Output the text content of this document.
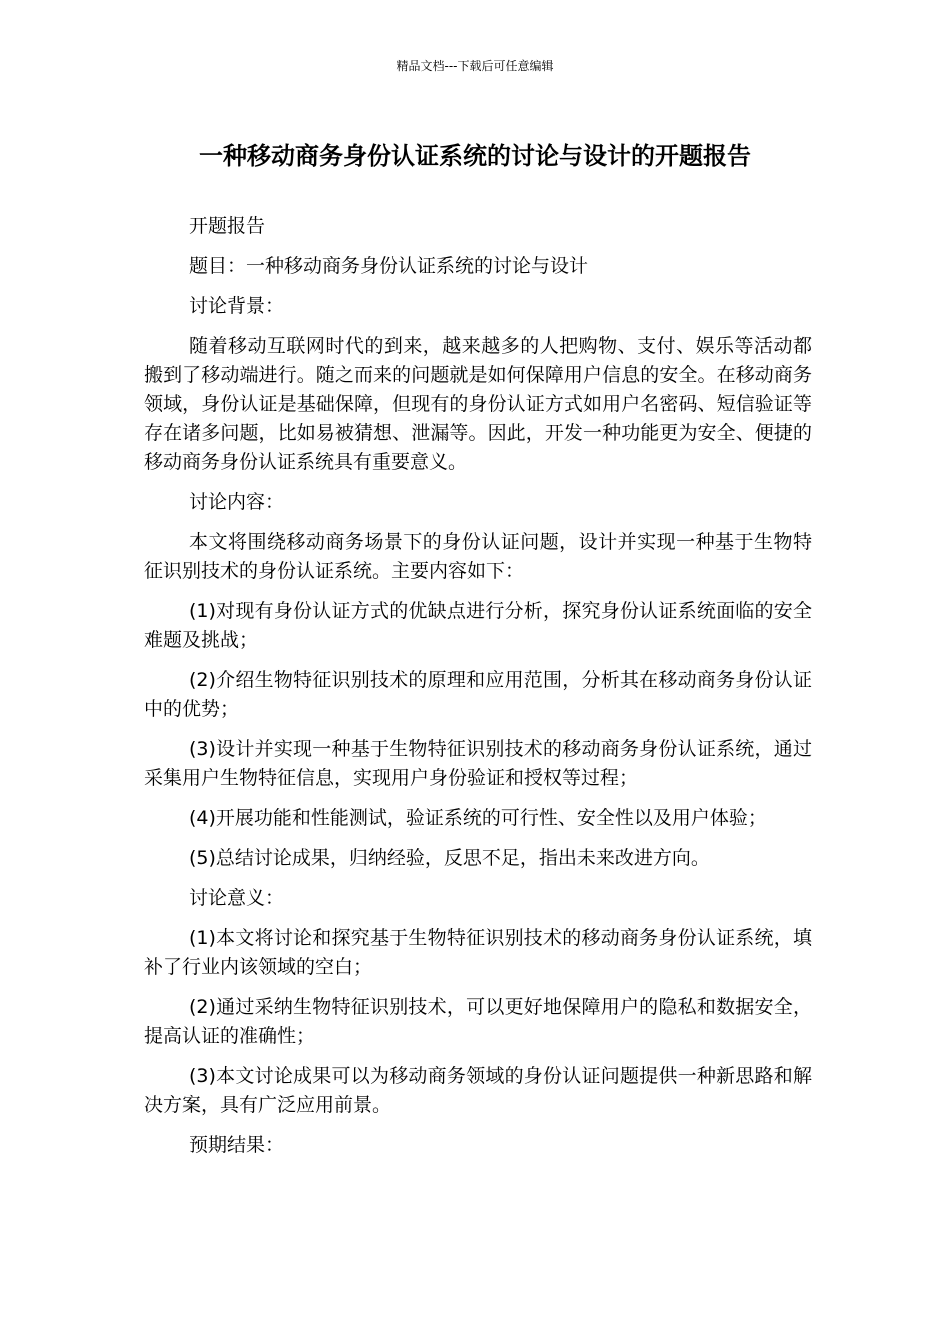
精品文档---下载后可任意编辑
一种移动商务身份认证系统的讨论与设计的开题报告

开题报告

题目：一种移动商务身份认证系统的讨论与设计

讨论背景：

随着移动互联网时代的到来，越来越多的人把购物、支付、娱乐等活动都搬到了移动端进行。随之而来的问题就是如何保障用户信息的安全。在移动商务领域，身份认证是基础保障，但现有的身份认证方式如用户名密码、短信验证等存在诸多问题，比如易被猜想、泄漏等。因此，开发一种功能更为安全、便捷的移动商务身份认证系统具有重要意义。

讨论内容：

本文将围绕移动商务场景下的身份认证问题，设计并实现一种基于生物特征识别技术的身份认证系统。主要内容如下：

(1)对现有身份认证方式的优缺点进行分析，探究身份认证系统面临的安全难题及挑战；

(2)介绍生物特征识别技术的原理和应用范围，分析其在移动商务身份认证中的优势；

(3)设计并实现一种基于生物特征识别技术的移动商务身份认证系统，通过采集用户生物特征信息，实现用户身份验证和授权等过程；

(4)开展功能和性能测试，验证系统的可行性、安全性以及用户体验；

(5)总结讨论成果，归纳经验，反思不足，指出未来改进方向。

讨论意义：

(1)本文将讨论和探究基于生物特征识别技术的移动商务身份认证系统，填补了行业内该领域的空白；

(2)通过采纳生物特征识别技术，可以更好地保障用户的隐私和数据安全，提高认证的准确性；

(3)本文讨论成果可以为移动商务领域的身份认证问题提供一种新思路和解决方案，具有广泛应用前景。

预期结果：
